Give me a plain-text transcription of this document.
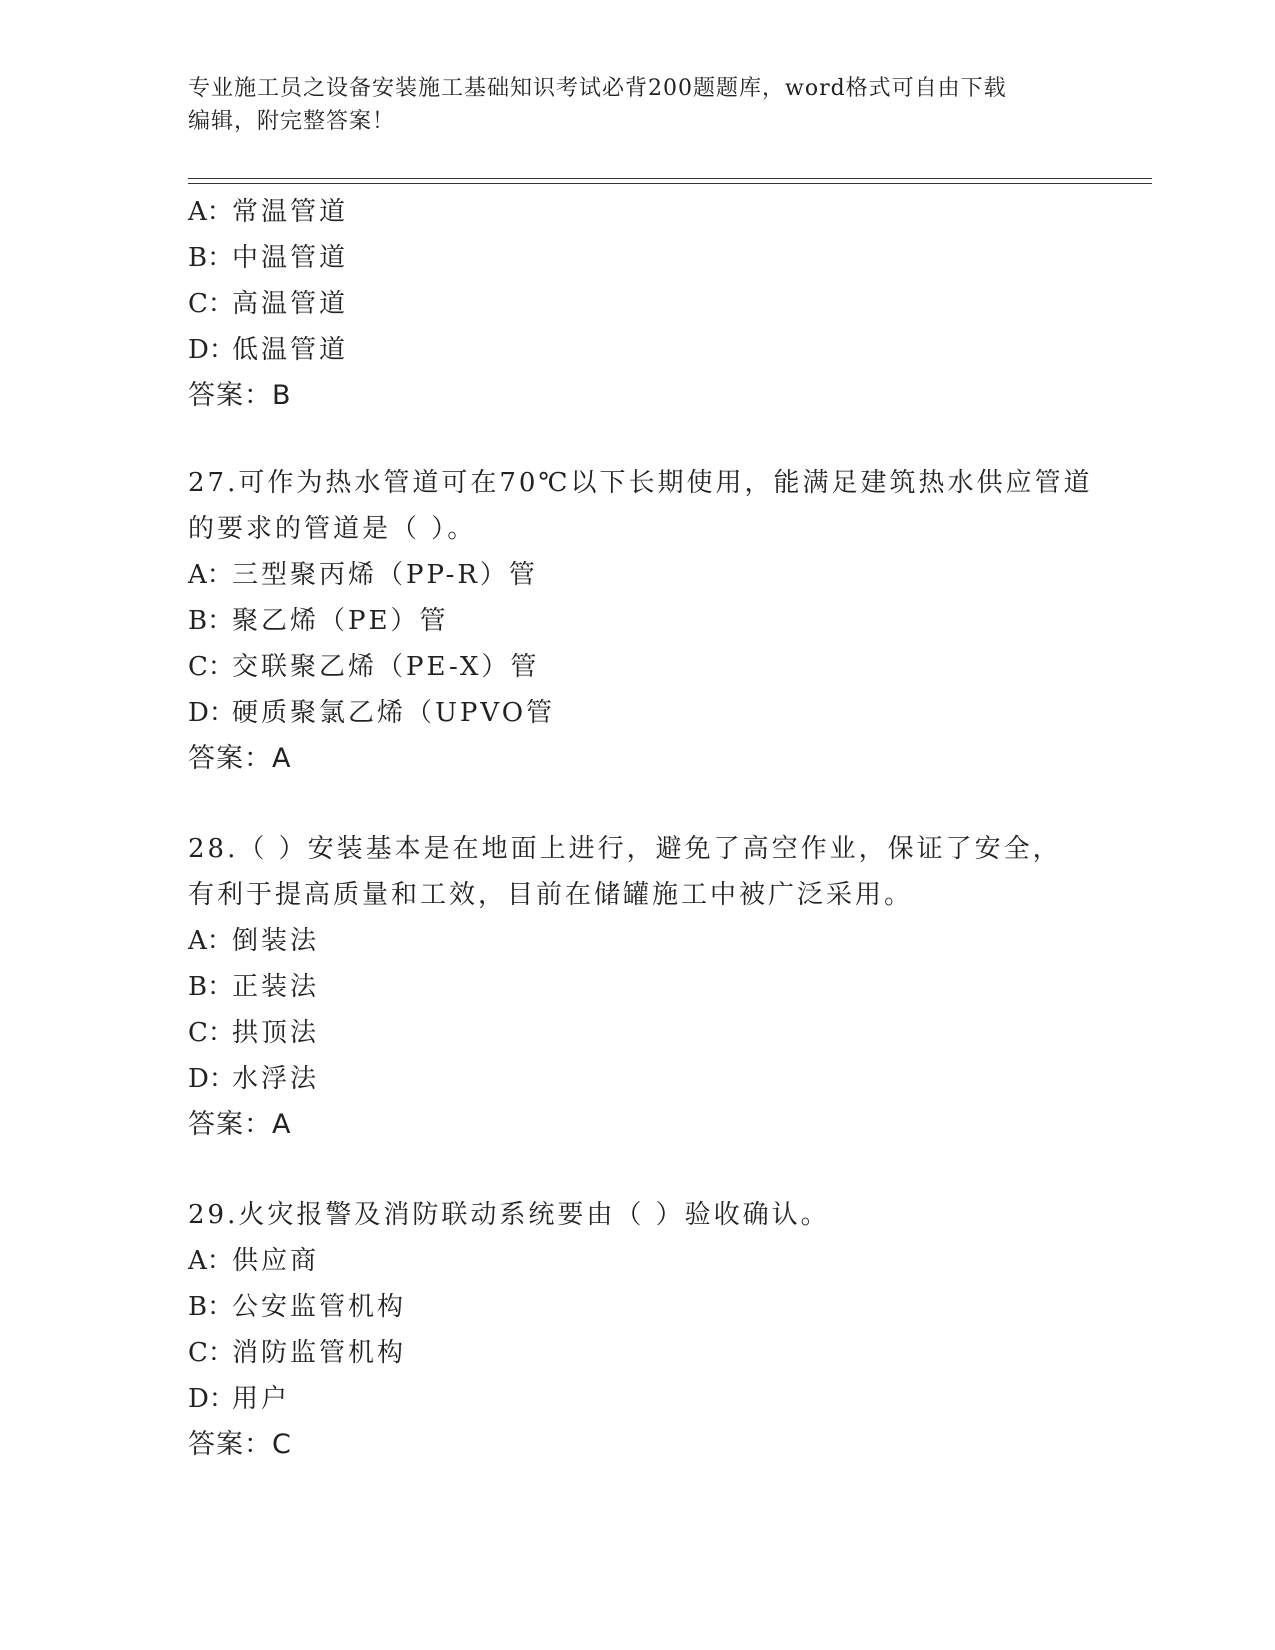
专业施工员之设备安装施工基础知识考试必背200题题库，word格式可自由下载
编辑，附完整答案！
A：常温管道
B：中温管道
C：高温管道
D：低温管道
答案：B
27.可作为热水管道可在70℃以下长期使用，能满足建筑热水供应管道
的要求的管道是（ ）。
A：三型聚丙烯（PP-R）管
B：聚乙烯（PE）管
C：交联聚乙烯（PE-X）管
D：硬质聚氯乙烯（UPVO管
答案：A
28.（ ）安装基本是在地面上进行，避免了高空作业，保证了安全，
有利于提高质量和工效，目前在储罐施工中被广泛采用。
A：倒装法
B：正装法
C：拱顶法
D：水浮法
答案：A
29.火灾报警及消防联动系统要由（ ）验收确认。
A：供应商
B：公安监管机构
C：消防监管机构
D：用户
答案：C
